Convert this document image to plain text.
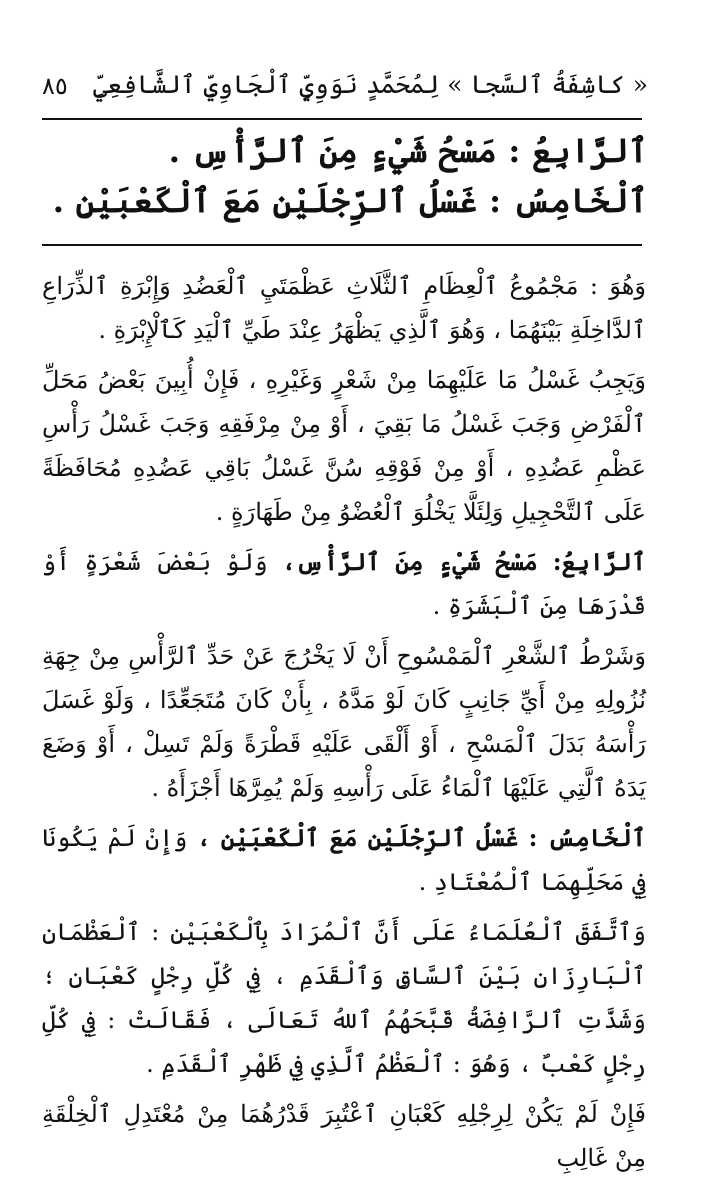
٨٥ « كاشِفَةُ ٱلسَّجا » لِمُحَمَّدٍ نَوَوِيٍّ ٱلْجَاوِيِّ ٱلشَّافِعِيِّ
ٱلرَّابِعُ : مَسْحُ شَيْءٍ مِنَ ٱلرَّأْسِ . ٱلْخَامِسُ : غَسْلُ ٱلرِّجْلَيْنِ مَعَ ٱلْكَعْبَيْنِ .

وَهُوَ : مَجْمُوعُ ٱلْعِظَامِ ٱلثَّلَاثِ عَظْمَتَيِ ٱلْعَضُدِ وَإِبْرَةِ ٱلذِّرَاعِ ٱلدَّاخِلَةِ بَيْنَهُمَا ، وَهُوَ ٱلَّذِي يَظْهَرُ عِنْدَ طَيِّ ٱلْيَدِ كَٱلْإِبْرَةِ .

وَيَجِبُ غَسْلُ مَا عَلَيْهِمَا مِنْ شَعْرٍ وَغَيْرِهِ ، فَإِنْ أُبِينَ بَعْضُ مَحَلِّ ٱلْفَرْضِ وَجَبَ غَسْلُ مَا بَقِيَ ، أَوْ مِنْ مِرْفَقِهِ وَجَبَ غَسْلُ رَأْسِ عَظْمِ عَضُدِهِ ، أَوْ مِنْ فَوْقِهِ سُنَّ غَسْلُ بَاقِي عَضُدِهِ مُحَافَظَةً عَلَى ٱلتَّحْجِيلِ وَلِئَلَّا يَخْلُوَ ٱلْعُضْوُ مِنْ طَهَارَةٍ .

ٱلرَّابِعُ: مَسْحُ شَيْءٍ مِنَ ٱلرَّأْسِ، وَلَوْ بَعْضَ شَعْرَةٍ أَوْ قَدْرَهَا مِنَ ٱلْبَشَرَةِ .

وَشَرْطُ ٱلشَّعْرِ ٱلْمَمْسُوحِ أَنْ لَا يَخْرُجَ عَنْ حَدِّ ٱلرَّأْسِ مِنْ جِهَةِ نُزُولِهِ مِنْ أَيِّ جَانِبٍ كَانَ لَوْ مَدَّهُ ، بِأَنْ كَانَ مُتَجَعِّدًا ، وَلَوْ غَسَلَ رَأْسَهُ بَدَلَ ٱلْمَسْحِ ، أَوْ أَلْقَى عَلَيْهِ قَطْرَةً وَلَمْ تَسِلْ ، أَوْ وَضَعَ يَدَهُ ٱلَّتِي عَلَيْهَا ٱلْمَاءُ عَلَى رَأْسِهِ وَلَمْ يُمِرَّهَا أَجْزَأَهُ .

ٱلْخَامِسُ : غَسْلُ ٱلرِّجْلَيْنِ مَعَ ٱلْكَعْبَيْنِ ، وَإِنْ لَمْ يَكُونَا فِي مَحَلِّهِمَا ٱلْمُعْتَادِ .

وَٱتَّفَقَ ٱلْعُلَمَاءُ عَلَى أَنَّ ٱلْمُرَادَ بِٱلْكَعْبَيْنِ : ٱلْعَظْمَانِ ٱلْبَارِزَانِ بَيْنَ ٱلسَّاقِ وَٱلْقَدَمِ ، فِي كُلِّ رِجْلٍ كَعْبَانِ ؛ وَشَذَّتِ ٱلرَّافِضَةُ قَبَّحَهُمُ ٱللهُ تَعَالَى ، فَقَالَتْ : فِي كُلِّ رِجْلٍ كَعْبٌ ، وَهُوَ : ٱلْعَظْمُ ٱلَّذِي فِي ظَهْرِ ٱلْقَدَمِ .

فَإِنْ لَمْ يَكُنْ لِرِجْلِهِ كَعْبَانِ ٱعْتُبِرَ قَدْرُهُمَا مِنْ مُعْتَدِلِ ٱلْخِلْقَةِ مِنْ غَالِبِ
